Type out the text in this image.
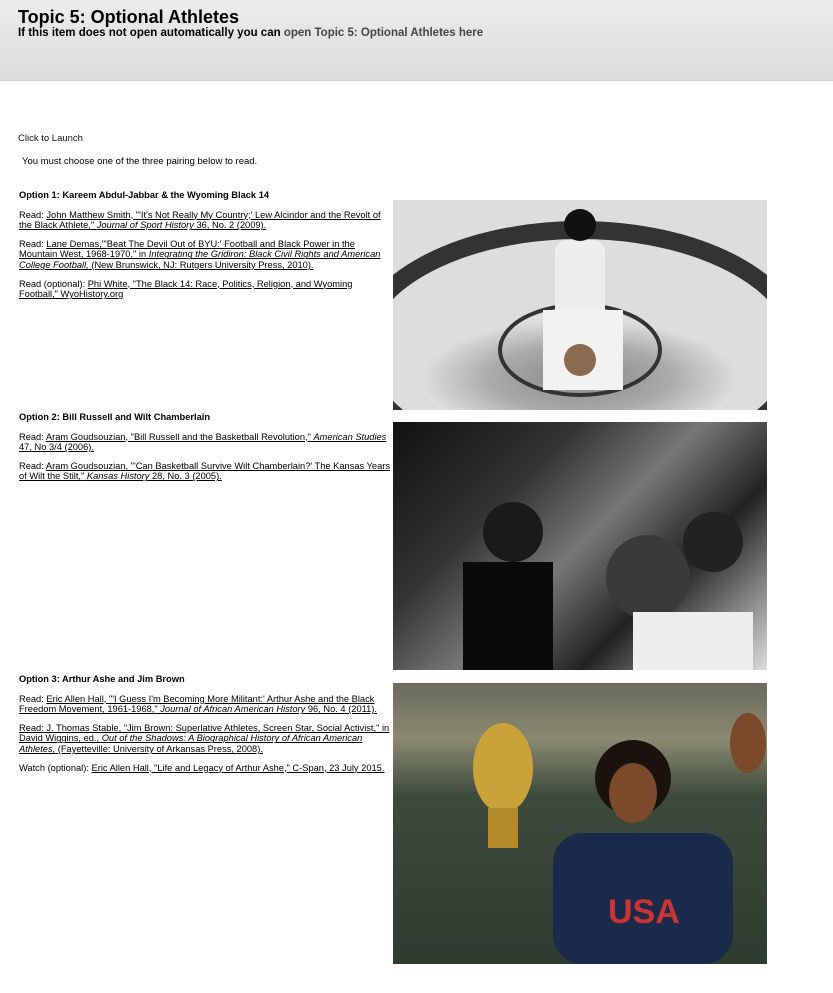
Topic 5: Optional Athletes
If this item does not open automatically you can open Topic 5: Optional Athletes here
Click to Launch
You must choose one of the three pairing below to read.
Option 1: Kareem Abdul-Jabbar & the Wyoming Black 14

Read: John Matthew Smith, "'It's Not Really My Country;' Lew Alcindor and the Revolt of the Black Athlete," Journal of Sport History 36, No. 2 (2009).

Read: Lane Demas,"'Beat The Devil Out of BYU:' Football and Black Power in the Mountain West, 1968-1970," in Integrating the Gridiron: Black Civil Rights and American College Football, (New Brunswick, NJ: Rutgers University Press, 2010).

Read (optional): Phi White, "The Black 14: Race, Politics, Religion, and Wyoming Football," WyoHistory.org

Option 2: Bill Russell and Wilt Chamberlain

Read: Aram Goudsouzian, "Bill Russell and the Basketball Revolution," American Studies 47, No 3/4 (2006).

Read: Aram Goudsouzian, "'Can Basketball Survive Wilt Chamberlain?' The Kansas Years of Wilt the Stilt," Kansas History 28, No. 3 (2005).

Option 3: Arthur Ashe and Jim Brown

Read: Eric Allen Hall, "'I Guess I'm Becoming More Militant:' Arthur Ashe and the Black Freedom Movement, 1961-1968," Journal of African American History 96, No. 4 (2011).

Read: J. Thomas Stable, "Jim Brown: Superlative Athletes, Screen Star, Social Activist," in David Wiggins, ed., Out of the Shadows: A Biographical History of African American Athletes, (Fayetteville: University of Arkansas Press, 2008).

Watch (optional): Eric Allen Hall, "Life and Legacy of Arthur Ashe," C-Span, 23 July 2015.

USA
